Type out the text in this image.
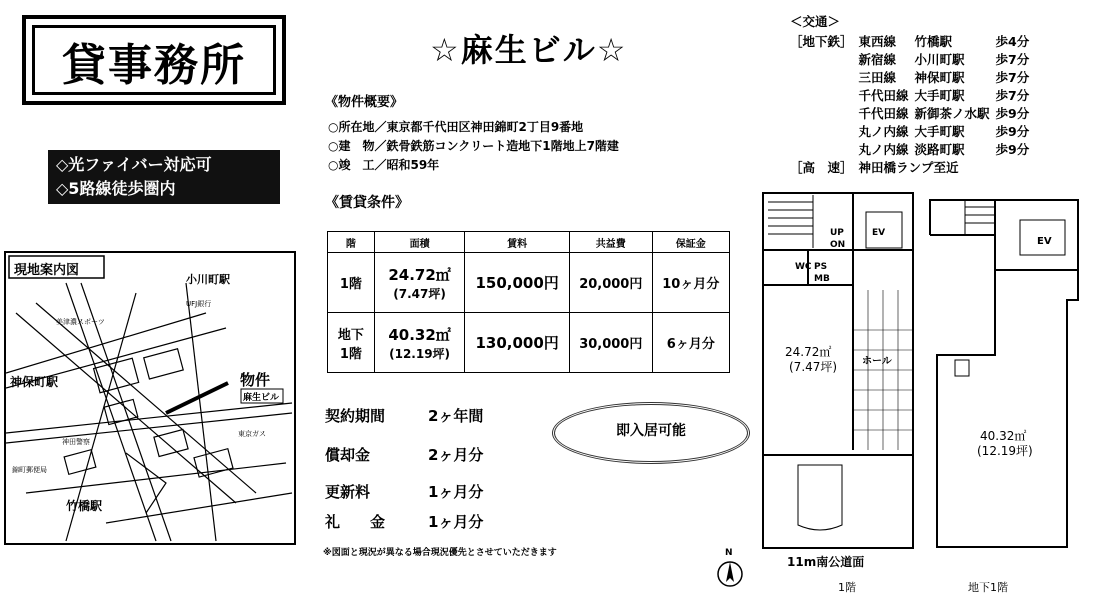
貸事務所	☆麻生ビル☆
◇光ファイバー対応可
◇5路線徒歩圏内
《物件概要》
○所在地／東京都千代田区神田錦町2丁目9番地
○建　物／鉄骨鉄筋コンクリート造地下1階地上7階建
○竣　工／昭和59年
《賃貸条件》
階	面積	賃料	共益費	保証金
1階	24.72㎡
(7.47坪)	150,000円	20,000円	10ヶ月分
地下1階	40.32㎡
(12.19坪)	130,000円	30,000円	6ヶ月分
契約期間	2ヶ年間
償却金	2ヶ月分
更新料	1ヶ月分
礼　　金	1ヶ月分
即入居可能
※図面と現況が異なる場合現況優先とさせていただきます
＜交通＞
［地下鉄］	東西線	竹橋駅	歩4分
	新宿線	小川町駅	歩7分
	三田線	神保町駅	歩7分
	千代田線	大手町駅	歩7分
	千代田線	新御茶ノ水駅	歩9分
	丸ノ内線	大手町駅	歩9分
	丸ノ内線	淡路町駅	歩9分
［高　速］	神田橋ランプ至近		
現地案内図
小川町駅
神保町駅
竹橋駅
物件
麻生ビル
UFJ銀行
美津濃スポーツ
東京ガス
神田警察
錦町郵便局
EV
UP
ON
WC PS
MB
ホール
24.72㎡
(7.47坪)
11m南公道面
1階
N
EV
40.32㎡
(12.19坪)
地下1階
